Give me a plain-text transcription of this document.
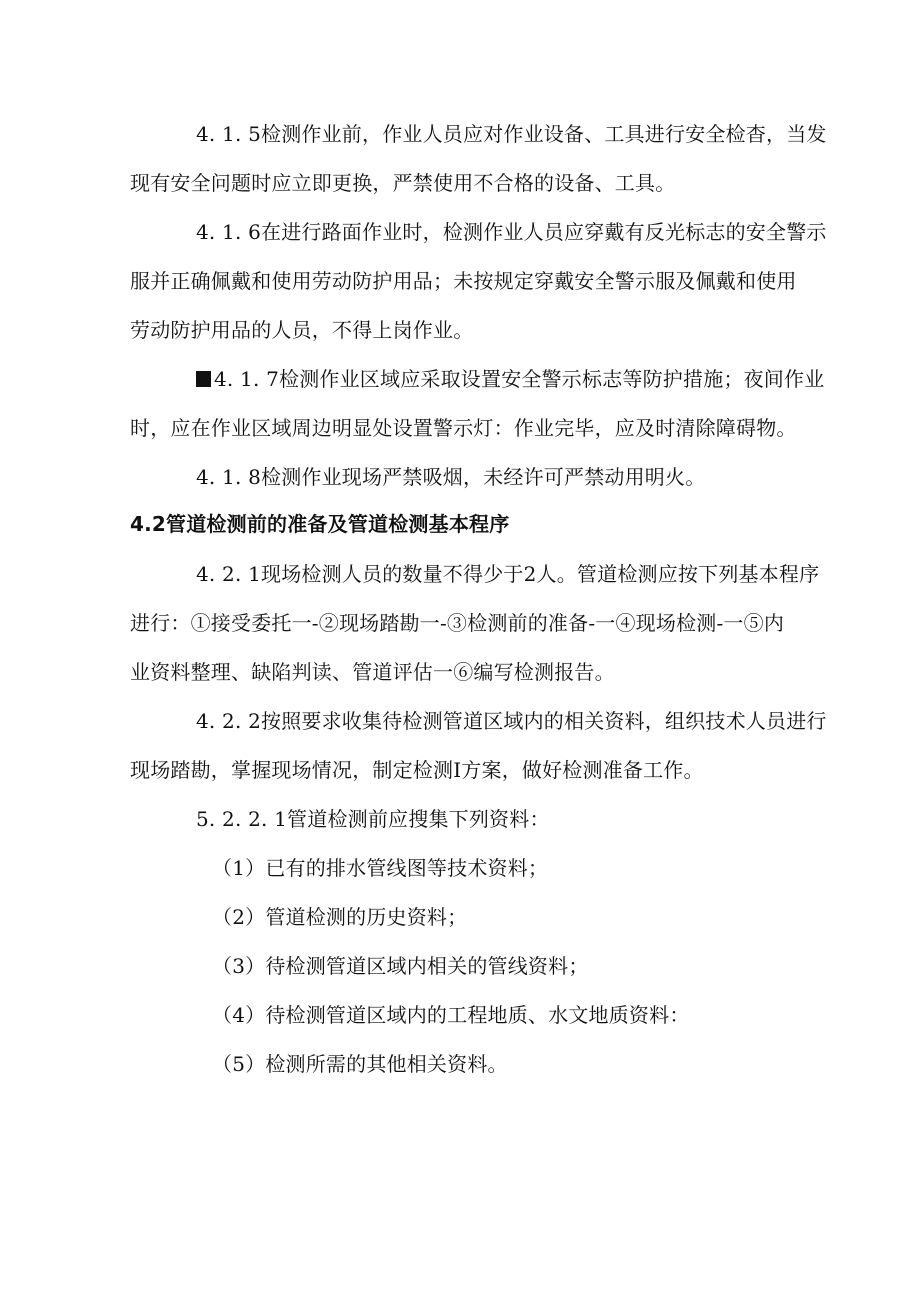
4. 1. 5检测作业前，作业人员应对作业设备、工具进行安全检杳，当发
现有安全问题时应立即更换，严禁使用不合格的设备、工具。
4. 1. 6在进行路面作业时，检测作业人员应穿戴有反光标志的安全警示
服并正确佩戴和使用劳动防护用品；未按规定穿戴安全警示服及佩戴和使用
劳动防护用品的人员，不得上岗作业。
4. 1. 7检测作业区域应采取设置安全警示标志等防护措施；夜间作业
时，应在作业区域周边明显处设置警示灯：作业完毕，应及时清除障碍物。
4. 1. 8检测作业现场严禁吸烟，未经许可严禁动用明火。
4.2管道检测前的准备及管道检测基本程序
4. 2. 1现场检测人员的数量不得少于2人。管道检测应按下列基本程序
进行：①接受委托一-②现场踏勘一-③检测前的准备-一④现场检测-一⑤内
业资料整理、缺陷判读、管道评估一⑥编写检测报告。
4. 2. 2按照要求收集待检测管道区域内的相关资料，组织技术人员进行
现场踏勘，掌握现场情况，制定检测I方案，做好检测准备工作。
5. 2. 2. 1管道检测前应搜集下列资料：
（1）已有的排水管线图等技术资料；
（2）管道检测的历史资料；
（3）待检测管道区域内相关的管线资料；
（4）待检测管道区域内的工程地质、水文地质资料：
（5）检测所需的其他相关资料。
